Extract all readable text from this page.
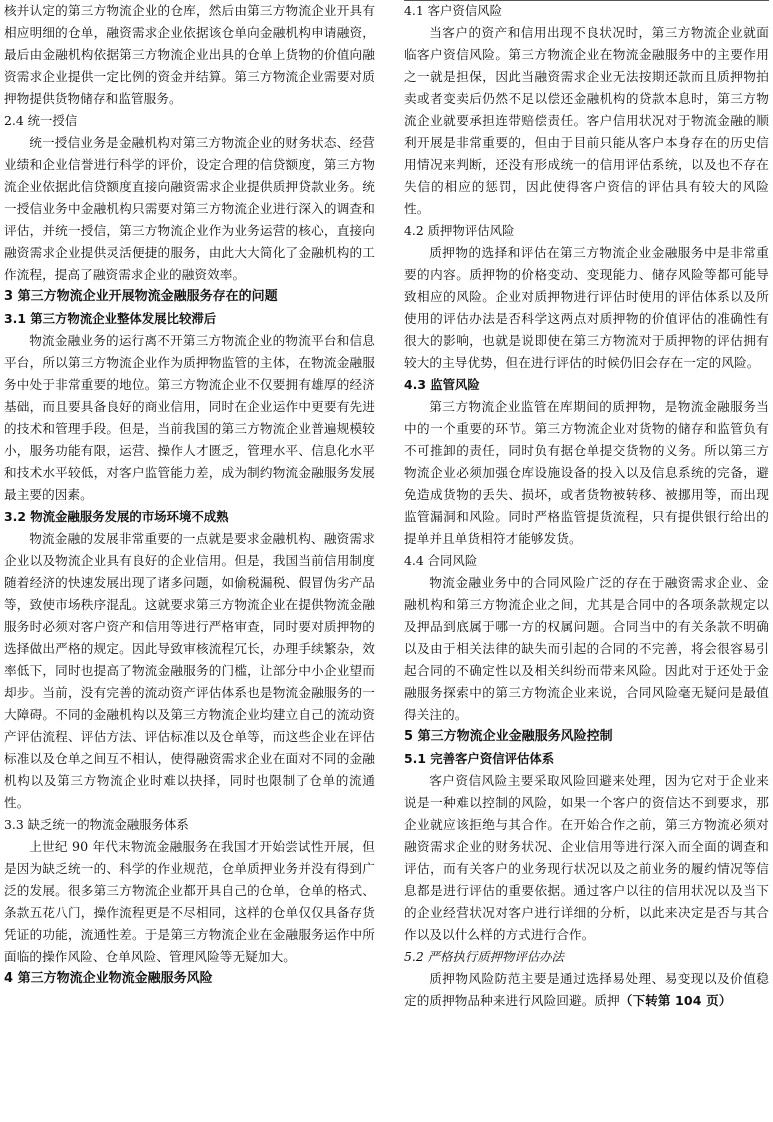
核并认定的第三方物流企业的仓库，然后由第三方物流企业开具有相应明细的仓单，融资需求企业依据该仓单向金融机构申请融资，最后由金融机构依据第三方物流企业出具的仓单上货物的价值向融资需求企业提供一定比例的资金并结算。第三方物流企业需要对质押物提供货物储存和监管服务。

2.4 统一授信

统一授信业务是金融机构对第三方物流企业的财务状态、经营业绩和企业信誉进行科学的评价，设定合理的信贷额度，第三方物流企业依据此信贷额度直接向融资需求企业提供质押贷款业务。统一授信业务中金融机构只需要对第三方物流企业进行深入的调查和评估，并统一授信，第三方物流企业作为业务运营的核心，直接向融资需求企业提供灵活便捷的服务，由此大大简化了金融机构的工作流程，提高了融资需求企业的融资效率。

3 第三方物流企业开展物流金融服务存在的问题
3.1 第三方物流企业整体发展比较滞后

物流金融业务的运行离不开第三方物流企业的物流平台和信息平台，所以第三方物流企业作为质押物监管的主体，在物流金融服务中处于非常重要的地位。第三方物流企业不仅要拥有雄厚的经济基础，而且要具备良好的商业信用，同时在企业运作中更要有先进的技术和管理手段。但是，当前我国的第三方物流企业普遍规模较小，服务功能有限，运营、操作人才匮乏，管理水平、信息化水平和技术水平较低，对客户监管能力差，成为制约物流金融服务发展最主要的因素。

3.2 物流金融服务发展的市场环境不成熟

物流金融的发展非常重要的一点就是要求金融机构、融资需求企业以及物流企业具有良好的企业信用。但是，我国当前信用制度随着经济的快速发展出现了诸多问题，如偷税漏税、假冒伪劣产品等，致使市场秩序混乱。这就要求第三方物流企业在提供物流金融服务时必须对客户资产和信用等进行严格审查，同时要对质押物的选择做出严格的规定。因此导致审核流程冗长，办理手续繁杂，效率低下，同时也提高了物流金融服务的门槛，让部分中小企业望而却步。当前，没有完善的流动资产评估体系也是物流金融服务的一大障碍。不同的金融机构以及第三方物流企业均建立自己的流动资产评估流程、评估方法、评估标准以及仓单等，而这些企业在评估标准以及仓单之间互不相认，使得融资需求企业在面对不同的金融机构以及第三方物流企业时难以抉择，同时也限制了仓单的流通性。

3.3 缺乏统一的物流金融服务体系

上世纪 90 年代末物流金融服务在我国才开始尝试性开展，但是因为缺乏统一的、科学的作业规范，仓单质押业务并没有得到广泛的发展。很多第三方物流企业都开具自己的仓单，仓单的格式、条款五花八门，操作流程更是不尽相同，这样的仓单仅仅具备存货凭证的功能，流通性差。于是第三方物流企业在金融服务运作中所面临的操作风险、仓单风险、管理风险等无疑加大。

4 第三方物流企业物流金融服务风险
4.1 客户资信风险

当客户的资产和信用出现不良状况时，第三方物流企业就面临客户资信风险。第三方物流企业在物流金融服务中的主要作用之一就是担保，因此当融资需求企业无法按期还款而且质押物拍卖或者变卖后仍然不足以偿还金融机构的贷款本息时，第三方物流企业就要承担连带赔偿责任。客户信用状况对于物流金融的顺利开展是非常重要的，但由于目前只能从客户本身存在的历史信用情况来判断，还没有形成统一的信用评估系统，以及也不存在失信的相应的惩罚，因此使得客户资信的评估具有较大的风险性。

4.2 质押物评估风险

质押物的选择和评估在第三方物流企业金融服务中是非常重要的内容。质押物的价格变动、变现能力、储存风险等都可能导致相应的风险。企业对质押物进行评估时使用的评估体系以及所使用的评估办法是否科学这两点对质押物的价值评估的准确性有很大的影响，也就是说即使在第三方物流对于质押物的评估拥有较大的主导优势，但在进行评估的时候仍旧会存在一定的风险。

4.3 监管风险

第三方物流企业监管在库期间的质押物，是物流金融服务当中的一个重要的环节。第三方物流企业对货物的储存和监管负有不可推卸的责任，同时负有据仓单提交货物的义务。所以第三方物流企业必须加强仓库设施设备的投入以及信息系统的完备，避免造成货物的丢失、损坏，或者货物被转移、被挪用等，而出现监管漏洞和风险。同时严格监管提货流程，只有提供银行给出的提单并且单货相符才能够发货。

4.4 合同风险

物流金融业务中的合同风险广泛的存在于融资需求企业、金融机构和第三方物流企业之间，尤其是合同中的各项条款规定以及押品到底属于哪一方的权属问题。合同当中的有关条款不明确以及由于相关法律的缺失而引起的合同的不完善，将会很容易引起合同的不确定性以及相关纠纷而带来风险。因此对于还处于金融服务探索中的第三方物流企业来说，合同风险毫无疑问是最值得关注的。

5 第三方物流企业金融服务风险控制
5.1 完善客户资信评估体系

客户资信风险主要采取风险回避来处理，因为它对于企业来说是一种难以控制的风险，如果一个客户的资信达不到要求，那企业就应该拒绝与其合作。在开始合作之前，第三方物流必须对融资需求企业的财务状况、企业信用等进行深入而全面的调查和评估，而有关客户的业务现行状况以及之前业务的履约情况等信息都是进行评估的重要依据。通过客户以往的信用状况以及当下的企业经营状况对客户进行详细的分析，以此来决定是否与其合作以及以什么样的方式进行合作。

5.2 严格执行质押物评估办法

质押物风险防范主要是通过选择易处理、易变现以及价值稳定的质押物品种来进行风险回避。质押（下转第 104 页）
